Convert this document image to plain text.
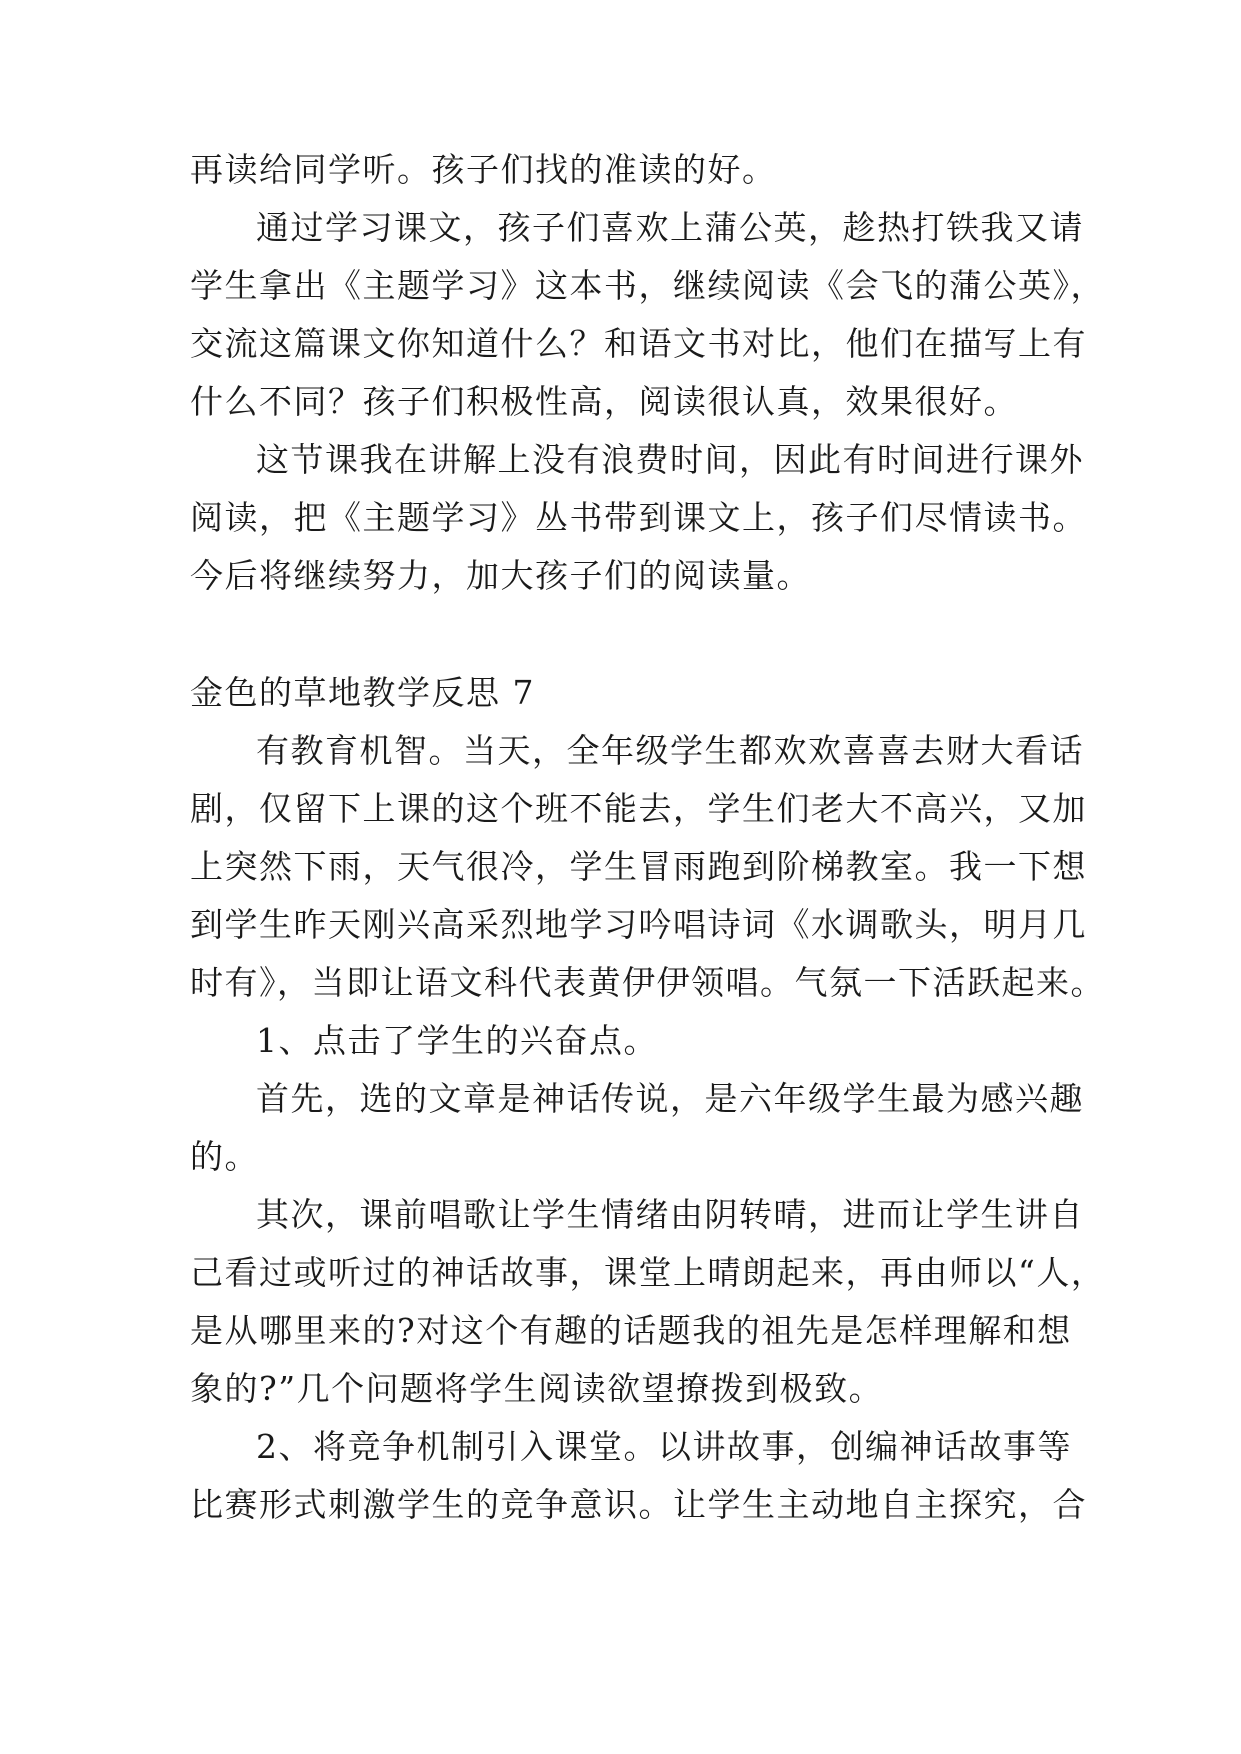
再读给同学听。孩子们找的准读的好。
通过学习课文，孩子们喜欢上蒲公英，趁热打铁我又请
学生拿出《主题学习》这本书，继续阅读《会飞的蒲公英》，
交流这篇课文你知道什么？和语文书对比，他们在描写上有
什么不同？孩子们积极性高，阅读很认真，效果很好。
这节课我在讲解上没有浪费时间，因此有时间进行课外
阅读，把《主题学习》丛书带到课文上，孩子们尽情读书。
今后将继续努力，加大孩子们的阅读量。
金色的草地教学反思 7
有教育机智。当天，全年级学生都欢欢喜喜去财大看话
剧，仅留下上课的这个班不能去，学生们老大不高兴，又加
上突然下雨，天气很冷，学生冒雨跑到阶梯教室。我一下想
到学生昨天刚兴高采烈地学习吟唱诗词《水调歌头，明月几
时有》，当即让语文科代表黄伊伊领唱。气氛一下活跃起来。
1、点击了学生的兴奋点。
首先，选的文章是神话传说，是六年级学生最为感兴趣
的。
其次，课前唱歌让学生情绪由阴转晴，进而让学生讲自
己看过或听过的神话故事，课堂上晴朗起来，再由师以“人，
是从哪里来的?对这个有趣的话题我的祖先是怎样理解和想
象的?”几个问题将学生阅读欲望撩拨到极致。
2、将竞争机制引入课堂。以讲故事，创编神话故事等
比赛形式刺激学生的竞争意识。让学生主动地自主探究，合
